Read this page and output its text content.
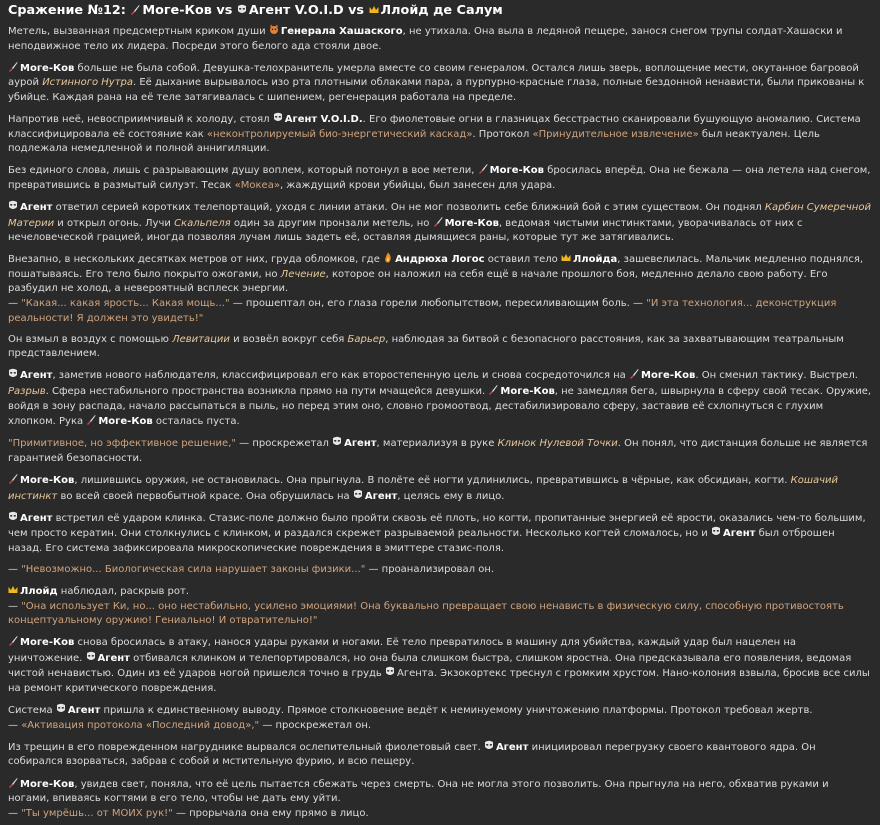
Сражение №12: Моге-Ков vs Агент V.O.I.D vs Ллойд де Салум

Метель, вызванная предсмертным криком души Генерала Хашаского, не утихала. Она выла в ледяной пещере, занося снегом трупы солдат-Хашаски и неподвижное тело их лидера. Посреди этого белого ада стояли двое.

Моге-Ков больше не была собой. Девушка-телохранитель умерла вместе со своим генералом. Остался лишь зверь, воплощение мести, окутанное багровой аурой Истинного Нутра. Её дыхание вырывалось изо рта плотными облаками пара, а пурпурно-красные глаза, полные бездонной ненависти, были прикованы к убийце. Каждая рана на её теле затягивалась с шипением, регенерация работала на пределе.

Напротив неё, невосприимчивый к холоду, стоял Агент V.O.I.D.. Его фиолетовые огни в глазницах бесстрастно сканировали бушующую аномалию. Система классифицировала её состояние как «неконтролируемый био-энергетический каскад». Протокол «Принудительное извлечение» был неактуален. Цель подлежала немедленной и полной аннигиляции.

Без единого слова, лишь с разрывающим душу воплем, который потонул в вое метели, Моге-Ков бросилась вперёд. Она не бежала — она летела над снегом, превратившись в размытый силуэт. Тесак «Мокеа», жаждущий крови убийцы, был занесен для удара.

Агент ответил серией коротких телепортаций, уходя с линии атаки. Он не мог позволить себе ближний бой с этим существом. Он поднял Карбин Сумеречной Материи и открыл огонь. Лучи Скальпеля один за другим пронзали метель, но Моге-Ков, ведомая чистыми инстинктами, уворачивалась от них с нечеловеческой грацией, иногда позволяя лучам лишь задеть её, оставляя дымящиеся раны, которые тут же затягивались.

Внезапно, в нескольких десятках метров от них, груда обломков, где Андрюха Логос оставил тело Ллойда, зашевелилась. Мальчик медленно поднялся, пошатываясь. Его тело было покрыто ожогами, но Лечение, которое он наложил на себя ещё в начале прошлого боя, медленно делало свою работу. Его разбудил не холод, а невероятный всплеск энергии.
— "Какая... какая ярость... Какая мощь..." — прошептал он, его глаза горели любопытством, пересиливающим боль. — "И эта технология... деконструкция реальности! Я должен это увидеть!"

Он взмыл в воздух с помощью Левитации и возвёл вокруг себя Барьер, наблюдая за битвой с безопасного расстояния, как за захватывающим театральным представлением.

Агент, заметив нового наблюдателя, классифицировал его как второстепенную цель и снова сосредоточился на Моге-Ков. Он сменил тактику. Выстрел. Разрыв. Сфера нестабильного пространства возникла прямо на пути мчащейся девушки. Моге-Ков, не замедляя бега, швырнула в сферу свой тесак. Оружие, войдя в зону распада, начало рассыпаться в пыль, но перед этим оно, словно громоотвод, дестабилизировало сферу, заставив её схлопнуться с глухим хлопком. Рука Моге-Ков осталась пуста.

"Примитивное, но эффективное решение," — проскрежетал Агент, материализуя в руке Клинок Нулевой Точки. Он понял, что дистанция больше не является гарантией безопасности.

Моге-Ков, лишившись оружия, не остановилась. Она прыгнула. В полёте её ногти удлинились, превратившись в чёрные, как обсидиан, когти. Кошачий инстинкт во всей своей первобытной красе. Она обрушилась на Агент, целясь ему в лицо.

Агент встретил её ударом клинка. Стазис-поле должно было пройти сквозь её плоть, но когти, пропитанные энергией её ярости, оказались чем-то большим, чем просто кератин. Они столкнулись с клинком, и раздался скрежет разрываемой реальности. Несколько когтей сломалось, но и Агент был отброшен назад. Его система зафиксировала микроскопические повреждения в эмиттере стазис-поля.

— "Невозможно... Биологическая сила нарушает законы физики..." — проанализировал он.

Ллойд наблюдал, раскрыв рот.
— "Она использует Ки, но... оно нестабильно, усилено эмоциями! Она буквально превращает свою ненависть в физическую силу, способную противостоять концептуальному оружию! Гениально! И отвратительно!"

Моге-Ков снова бросилась в атаку, нанося удары руками и ногами. Её тело превратилось в машину для убийства, каждый удар был нацелен на уничтожение. Агент отбивался клинком и телепортировался, но она была слишком быстра, слишком яростна. Она предсказывала его появления, ведомая чистой ненавистью. Один из её ударов ногой пришелся точно в грудь Агента. Экзокортекс треснул с громким хрустом. Нано-колония взвыла, бросив все силы на ремонт критического повреждения.

Система Агент пришла к единственному выводу. Прямое столкновение ведёт к неминуемому уничтожению платформы. Протокол требовал жертв.
— «Активация протокола «Последний довод»," — проскрежетал он.

Из трещин в его поврежденном нагруднике вырвался ослепительный фиолетовый свет. Агент инициировал перегрузку своего квантового ядра. Он собирался взорваться, забрав с собой и мстительную фурию, и всю пещеру.

Моге-Ков, увидев свет, поняла, что её цель пытается сбежать через смерть. Она не могла этого позволить. Она прыгнула на него, обхватив руками и ногами, впиваясь когтями в его тело, чтобы не дать ему уйти.
— "Ты умрёшь... от МОИХ рук!" — прорычала она ему прямо в лицо.
